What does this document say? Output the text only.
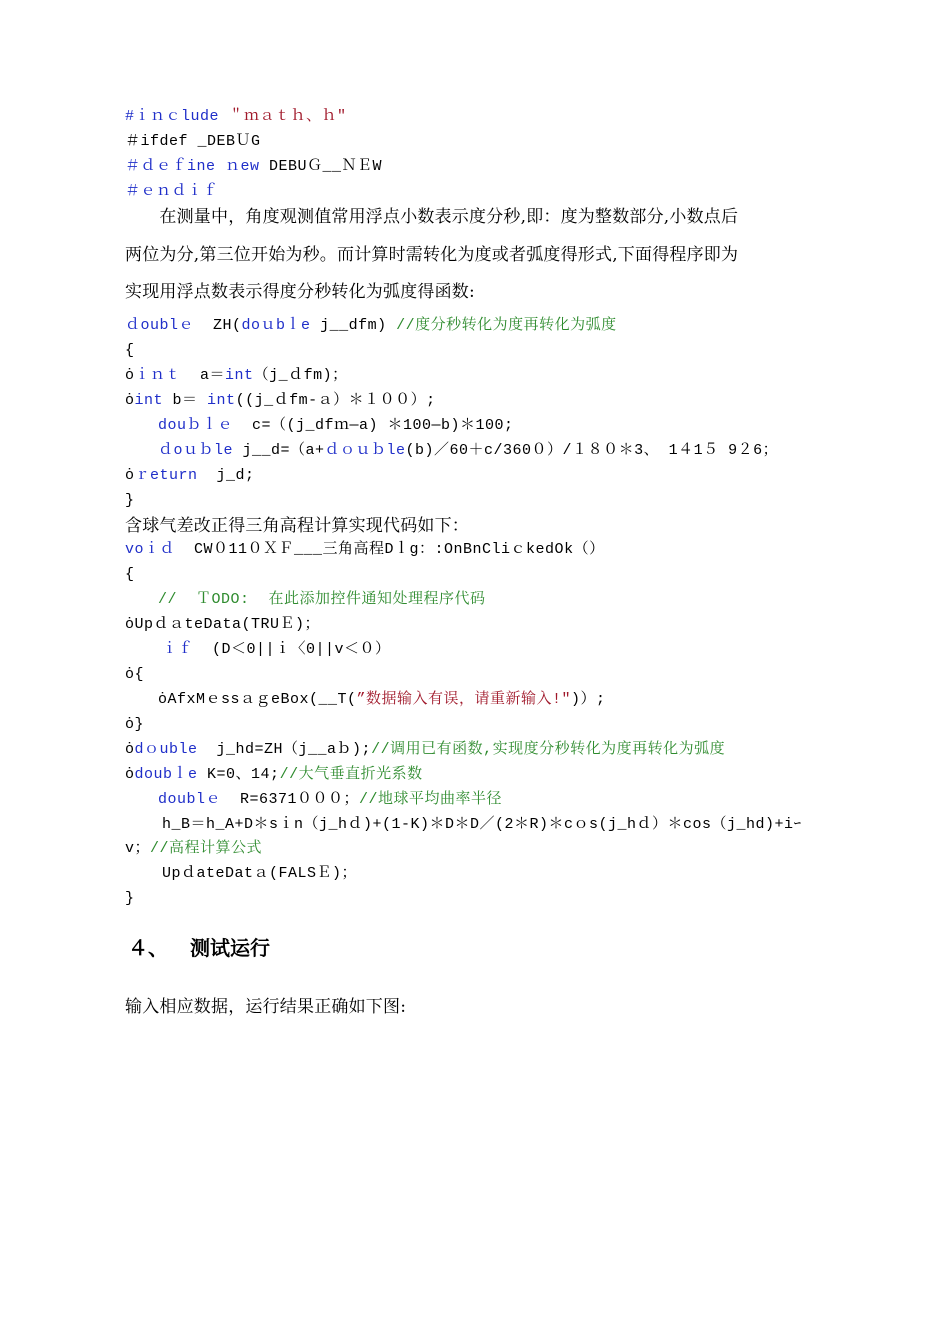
#ｉｎｃlude ＂ｍａｔｈ、ｈ″
＃ifdef _DEBＵG
＃ｄｅｆine ｎew DEBUＧ__ＮＥW
＃ｅｎｄｉｆ
　　在测量中，角度观测值常用浮点小数表示度分秒,即：度为整数部分,小数点后
两位为分,第三位开始为秒。而计算时需转化为度或者弧度得形式,下面得程序即为
实现用浮点数表示得度分秒转化为弧度得函数:
ｄoublｅ ZH(doｕbｌe j__dfm) //度分秒转化为度再转化为弧度
{
ȯｉｎｔ  a＝int（j_ｄfm)；
ȯint b＝ int((j_ｄfm-ａ）＊１００）;
douｂｌｅ  c=（(j_dfｍ—a) ＊100—b)＊100;
ｄoｕｂle j__d=（a+ｄｏｕｂle(b)／60＋c/360０）/１８０＊3、 1４1５ 9２6；
ȯｒeturn  j_d;
}
含球气差改正得三角高程计算实现代码如下：
voｉｄ CW０11０ＸＦ___三角高程Dｌg：:OnBnCliｃkedOk（）
{
//  ＴODO:  在此添加控件通知处理程序代码
ȯUpｄａteData(TRUＥ)；
ｉｆ (D＜0||ｉ〈0||v＜０）
ȯ{
ȯAfxMｅssａｇeBox(__T(”数据输入有误，请重新输入!″)）;
ȯ}
ȯdｏuble  j_hd=ZH（j__aｂ);//调用已有函数,实现度分秒转化为度再转化为弧度
ȯdoubｌe K=0、14;//大气垂直折光系数
doublｅ R=6371０００；//地球平均曲率半径
h_B＝h_A+D＊sｉn（j_hｄ)+(1-K)＊D＊D／(2＊R)＊cｏs(j_hｄ）＊cos（j_hd)+iｰ
v；//高程计算公式
UpｄateDatａ(FALSＥ)；
}
４、 测试运行
输入相应数据，运行结果正确如下图:
